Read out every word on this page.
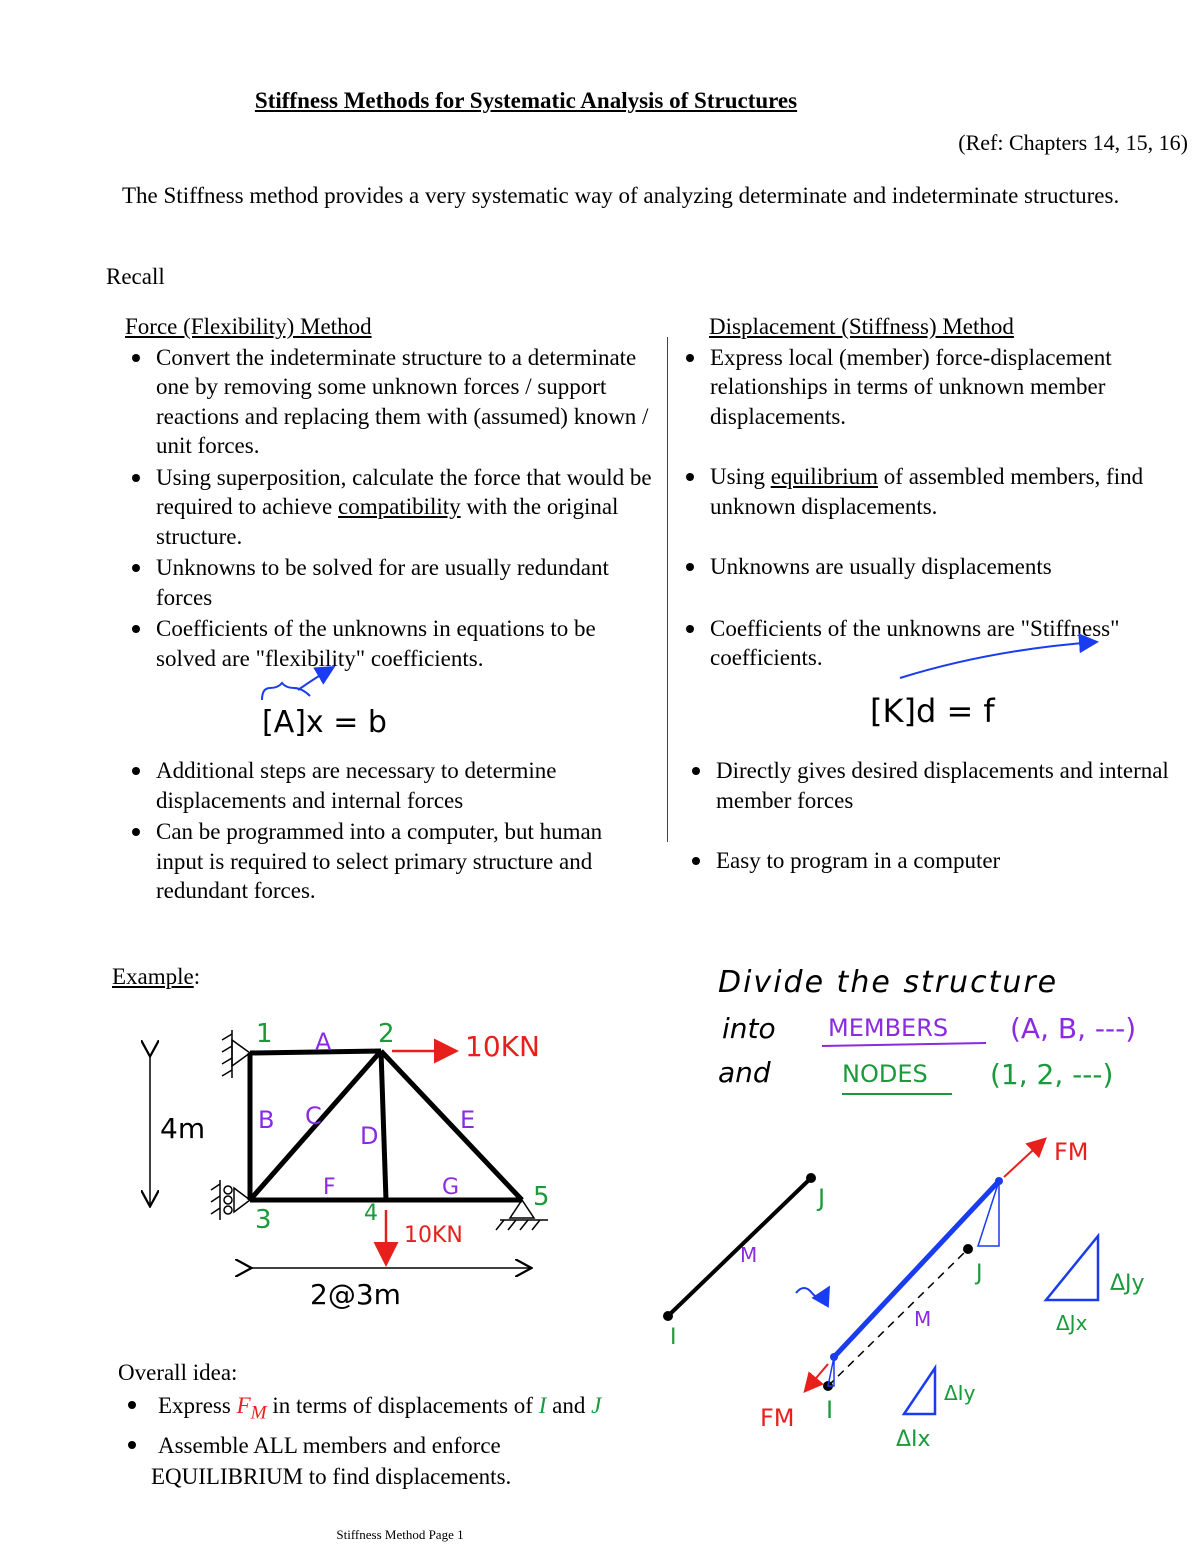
Stiffness Methods for Systematic Analysis of Structures
(Ref: Chapters 14, 15, 16)
The Stiffness method provides a very systematic way of analyzing determinate and indeterminate structures.
Recall
Force (Flexibility) Method
Convert the indeterminate structure to a determinate one by removing some unknown forces / support reactions and replacing them with (assumed) known / unit forces.
Using superposition, calculate the force that would be required to achieve compatibility with the original structure.
Unknowns to be solved for are usually redundant forces
Coefficients of the unknowns in equations to be solved are "flexibility" coefficients.
Additional steps are necessary to determine displacements and internal forces
Can be programmed into a computer, but human input is required to select primary structure and redundant forces.
Displacement (Stiffness) Method
Express local (member) force-displacement relationships in terms of unknown member displacements.
Using equilibrium of assembled members, find unknown displacements.
Unknowns are usually displacements
Coefficients of the unknowns are "Stiffness" coefficients.
Directly gives desired displacements and internal member forces
Easy to program in a computer
Example:
Overall idea:
Express $F_M$ in terms of displacements of I and J
Assemble ALL members and enforce
EQUILIBRIUM to find displacements.
Stiffness Method Page 1
[A]x = b	[K]d = f
1	2
3	4
5
A
B C
D
E
F	G
10KN
10KN
4m
2@3m
Divide the structure
into MEMBERS (A, B, ---)
and	NODES (1, 2, ---)
I
J
M
FM
FM
J
I
M
ΔJy
ΔJx
ΔIy
ΔIx
